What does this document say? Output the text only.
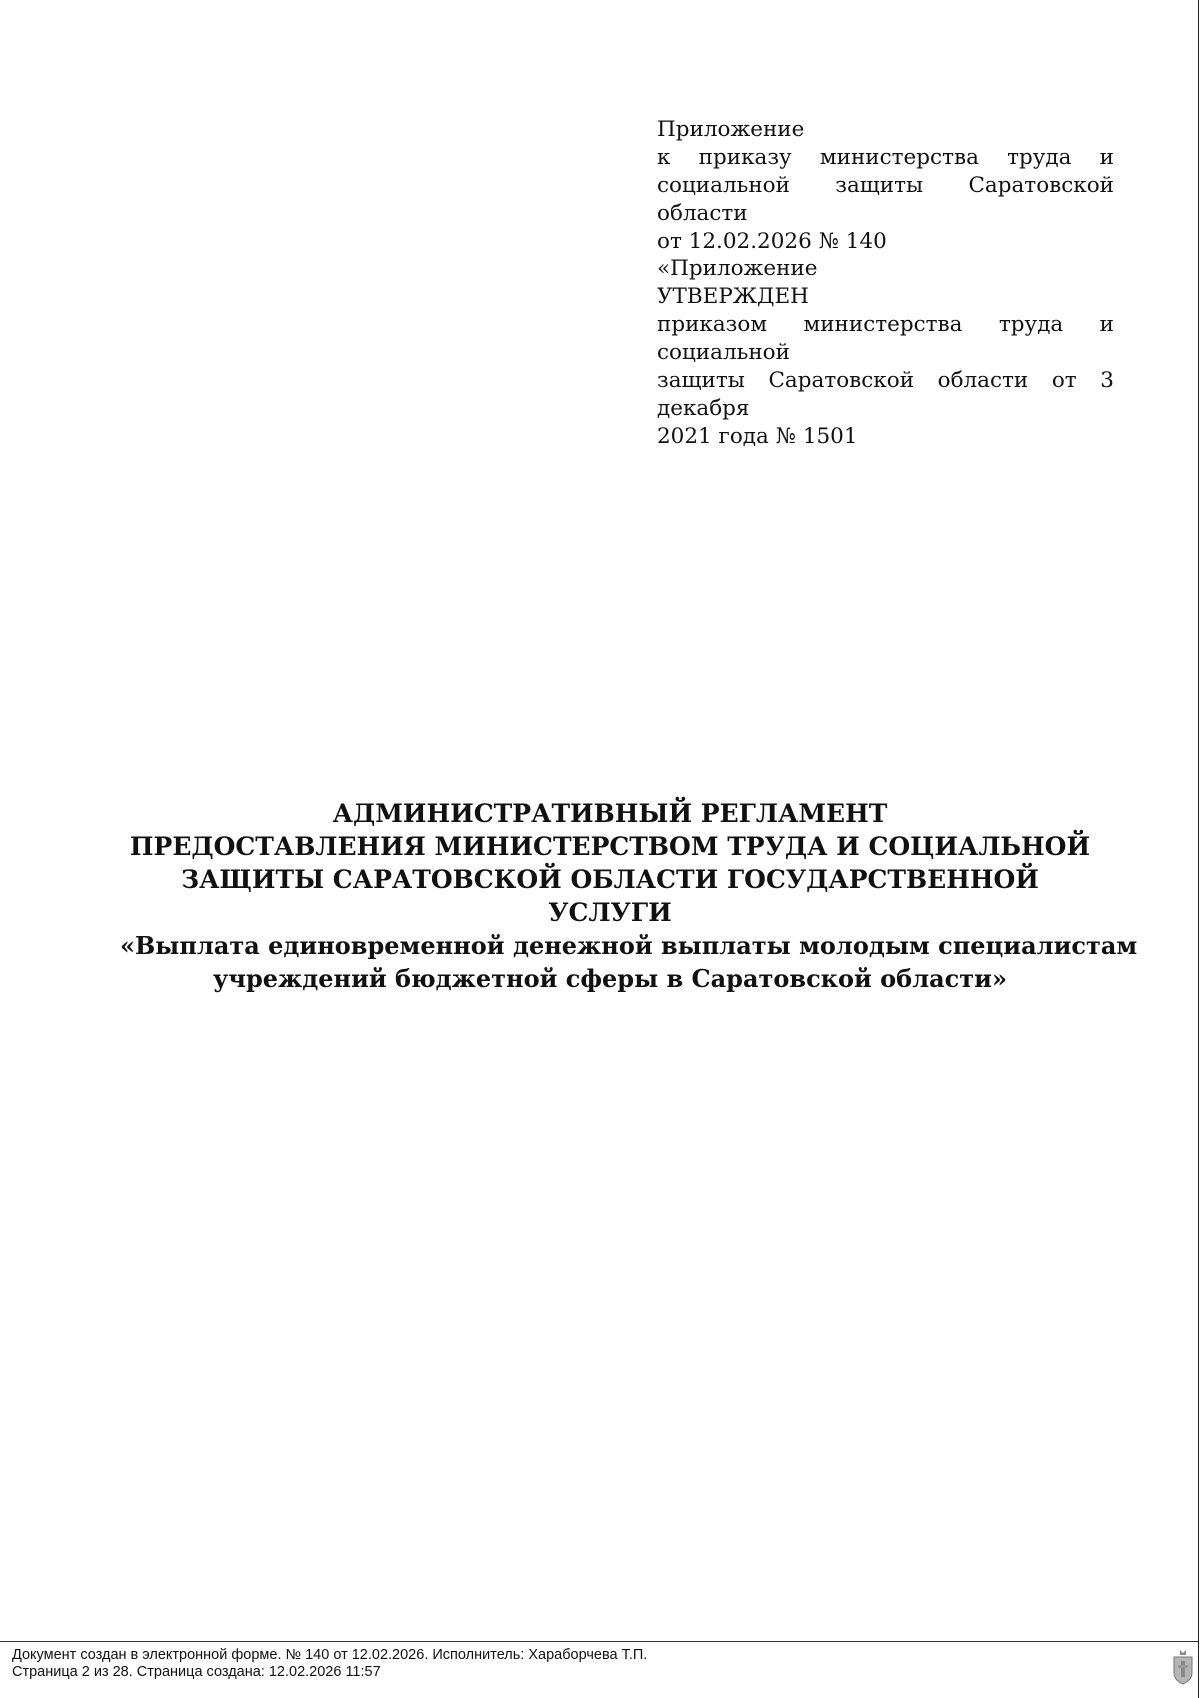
Приложение
к приказу министерства труда и
социальной защиты Саратовской области
от 12.02.2026 № 140
«Приложение
УТВЕРЖДЕН
приказом министерства труда и социальной
защиты Саратовской области от 3 декабря
2021 года № 1501
АДМИНИСТРАТИВНЫЙ РЕГЛАМЕНТ
ПРЕДОСТАВЛЕНИЯ МИНИСТЕРСТВОМ ТРУДА И СОЦИАЛЬНОЙ
ЗАЩИТЫ САРАТОВСКОЙ ОБЛАСТИ ГОСУДАРСТВЕННОЙ
УСЛУГИ
«Выплата единовременной денежной выплаты молодым специалистам
учреждений бюджетной сферы в Саратовской области»
Документ создан в электронной форме. № 140 от 12.02.2026. Исполнитель: Хараборчева Т.П.
Страница 2 из 28. Страница создана: 12.02.2026 11:57
